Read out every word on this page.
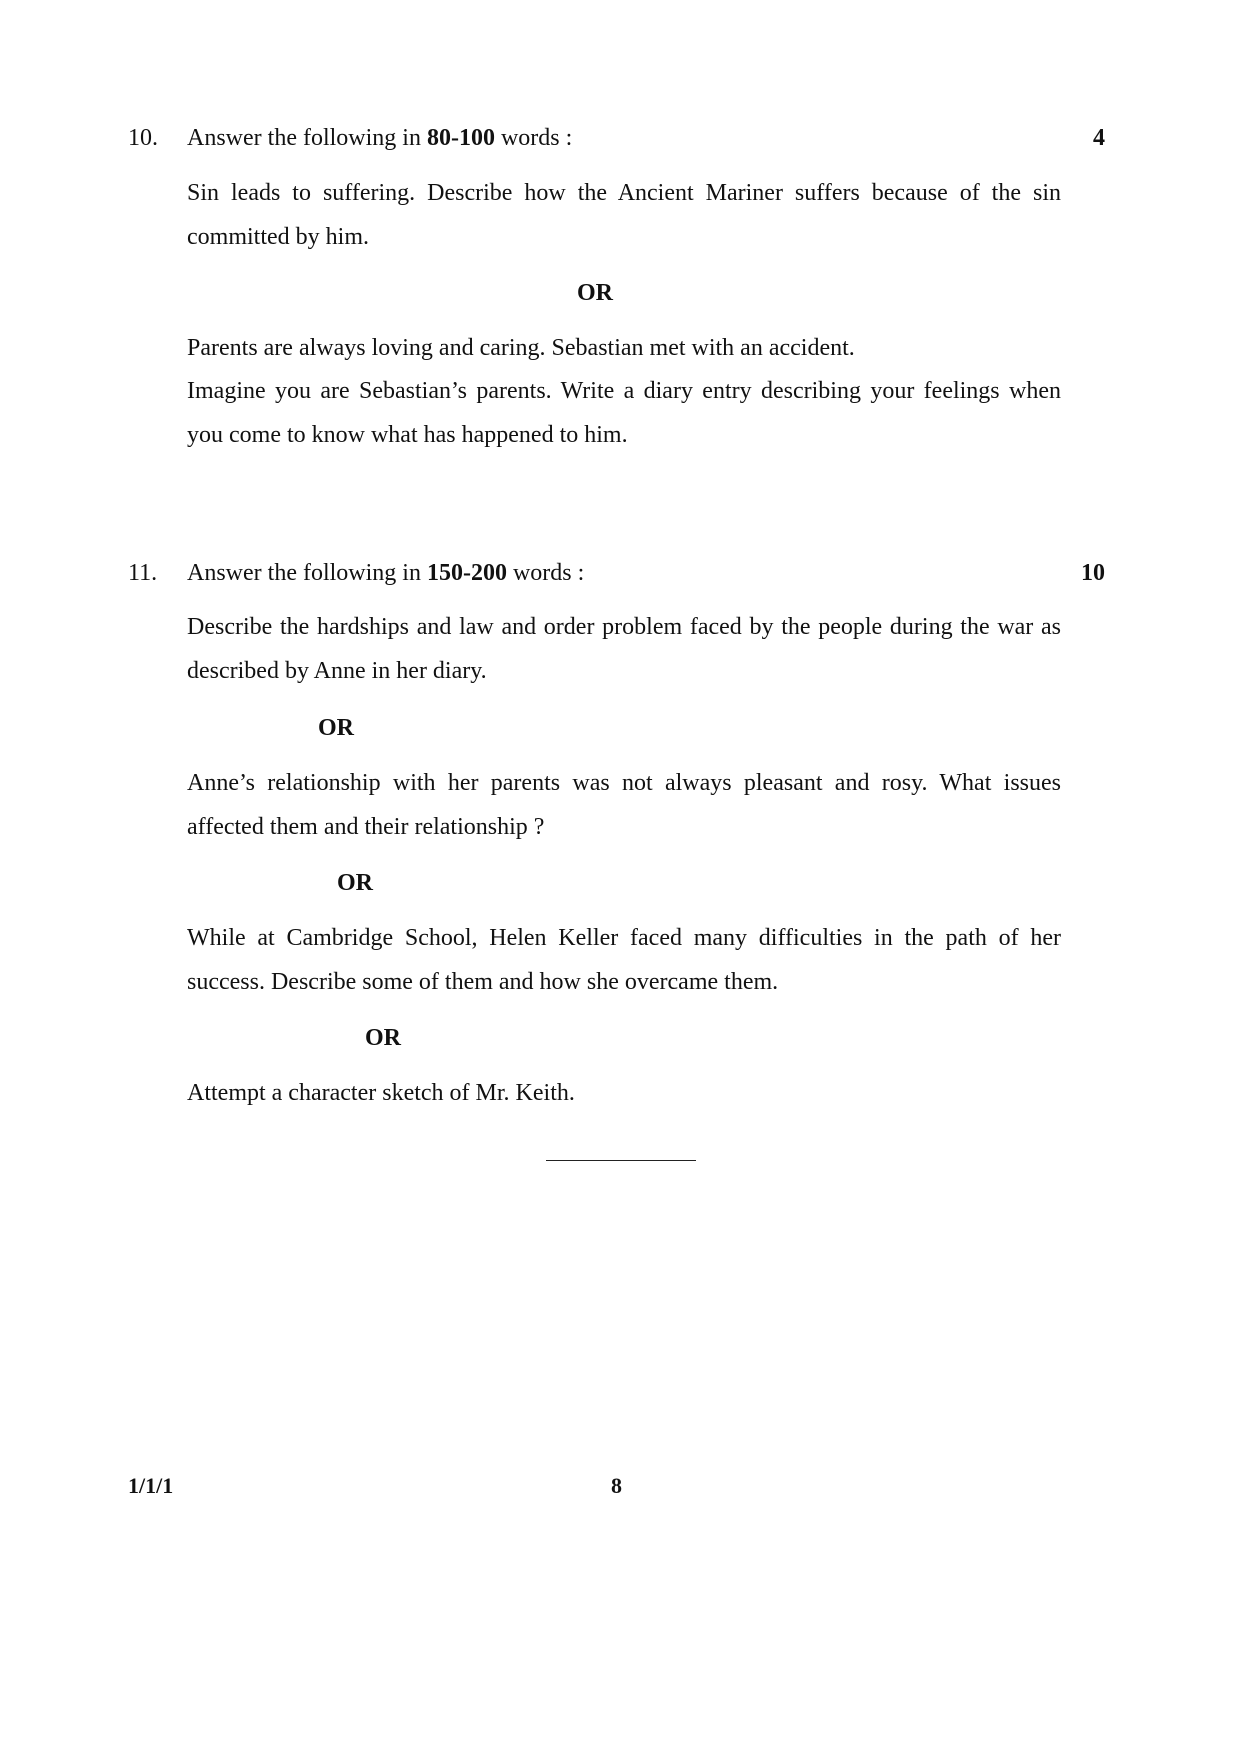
10. Answer the following in 80-100 words :	4
Sin leads to suffering. Describe how the Ancient Mariner suffers because of the sin committed by him.
OR
Parents are always loving and caring. Sebastian met with an accident.
Imagine you are Sebastian’s parents. Write a diary entry describing your feelings when you come to know what has happened to him.
11. Answer the following in 150-200 words :	10
Describe the hardships and law and order problem faced by the people during the war as described by Anne in her diary.
OR
Anne’s relationship with her parents was not always pleasant and rosy. What issues affected them and their relationship ?
OR
While at Cambridge School, Helen Keller faced many difficulties in the path of her success. Describe some of them and how she overcame them.
OR
Attempt a character sketch of Mr. Keith.
1/1/1	8
